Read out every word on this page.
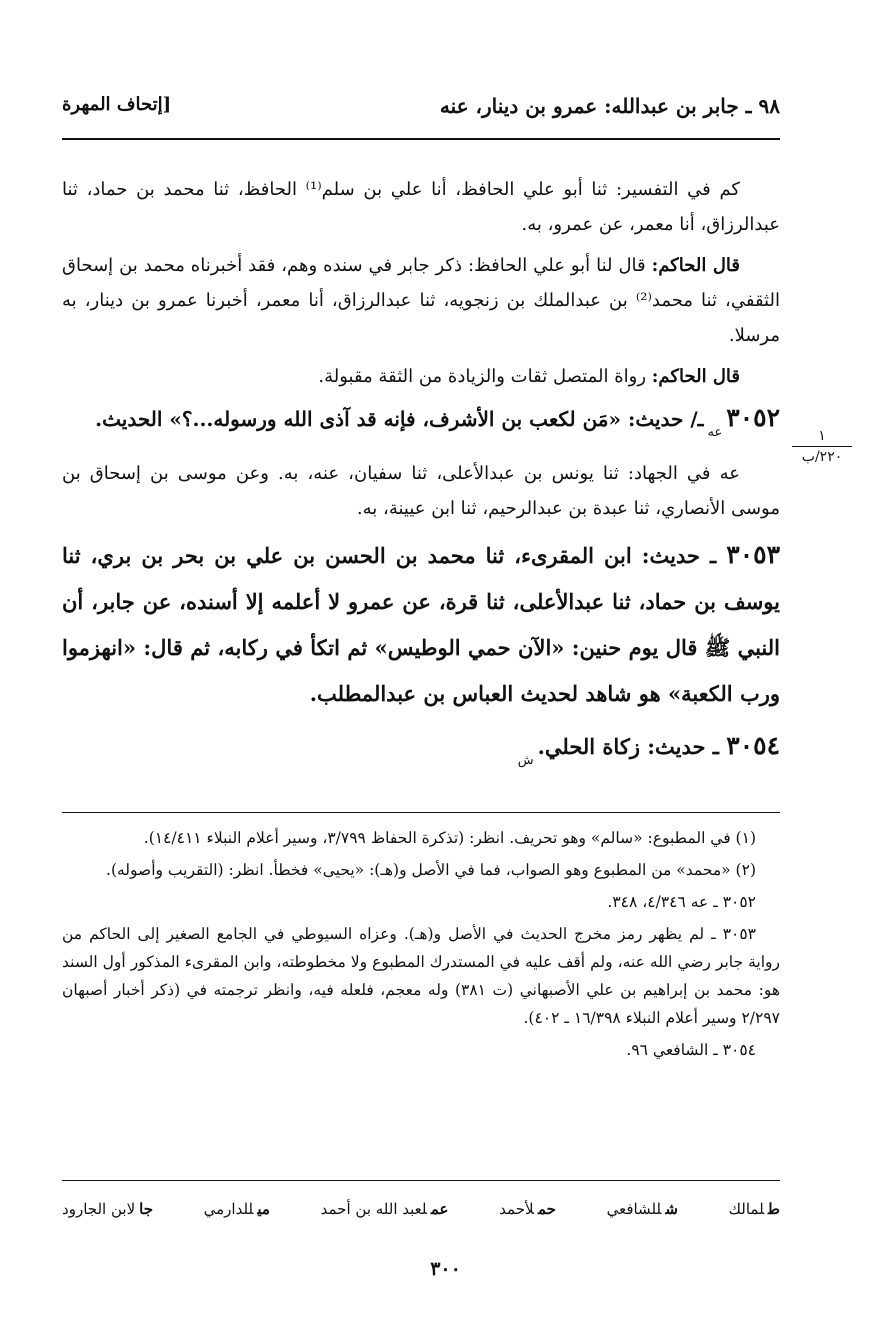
٩٨ ـ جابر بن عبدالله: عمرو بن دينار، عنه
[إتحاف المهرة
١
٢٢٠/ب

كم في التفسير: ثنا أبو علي الحافظ، أنا علي بن سلم⁽¹⁾ الحافظ، ثنا محمد بن حماد، ثنا عبدالرزاق، أنا معمر، عن عمرو، به.

قال الحاكم: قال لنا أبو علي الحافظ: ذكر جابر في سنده وهم، فقد أخبرناه محمد بن إسحاق الثقفي، ثنا محمد⁽²⁾ بن عبدالملك بن زنجويه، ثنا عبدالرزاق، أنا معمر، أخبرنا عمرو بن دينار، به مرسلا.

قال الحاكم: رواة المتصل ثقات والزيادة من الثقة مقبولة.

٣٠٥٢عهـ/ حديث: «مَن لكعب بن الأشرف، فإنه قد آذى الله ورسوله...؟» الحديث.

عه في الجهاد: ثنا يونس بن عبدالأعلى، ثنا سفيان، عنه، به. وعن موسى بن إسحاق بن موسى الأنصاري، ثنا عبدة بن عبدالرحيم، ثنا ابن عيينة، به.

٣٠٥٣ ـ حديث: ابن المقرىء، ثنا محمد بن الحسن بن علي بن بحر بن بري، ثنا يوسف بن حماد، ثنا عبدالأعلى، ثنا قرة، عن عمرو لا أعلمه إلا أسنده، عن جابر، أن النبي ﷺ قال يوم حنين: «الآن حمي الوطيس» ثم اتكأ في ركابه، ثم قال: «انهزموا ورب الكعبة» هو شاهد لحديث العباس بن عبدالمطلب.

٣٠٥٤ ـ حديث: زكاة الحلي.ش

(١) في المطبوع: «سالم» وهو تحريف. انظر: (تذكرة الحفاظ ٣/٧٩٩، وسير أعلام النبلاء ١٤/٤١١).

(٢) «محمد» من المطبوع وهو الصواب، فما في الأصل و(هـ): «يحيى» فخطأ. انظر: (التقريب وأصوله).

٣٠٥٢ ـ عه ٤/٣٤٦، ٣٤٨.

٣٠٥٣ ـ لم يظهر رمز مخرج الحديث في الأصل و(هـ). وعزاه السيوطي في الجامع الصغير إلى الحاكم من رواية جابر رضي الله عنه، ولم أقف عليه في المستدرك المطبوع ولا مخطوطته، وابن المقرىء المذكور أول السند هو: محمد بن إبراهيم بن علي الأصبهاني (ت ٣٨١) وله معجم، فلعله فيه، وانظر ترجمته في (ذكر أخبار أصبهان ٢/٢٩٧ وسير أعلام النبلاء ١٦/٣٩٨ ـ ٤٠٢).

٣٠٥٤ ـ الشافعي ٩٦.

طلمالك
شللشافعي
حملأحمد
عملعبد الله بن أحمد
ميللدارمي
جالابن الجارود
٣٠٠
